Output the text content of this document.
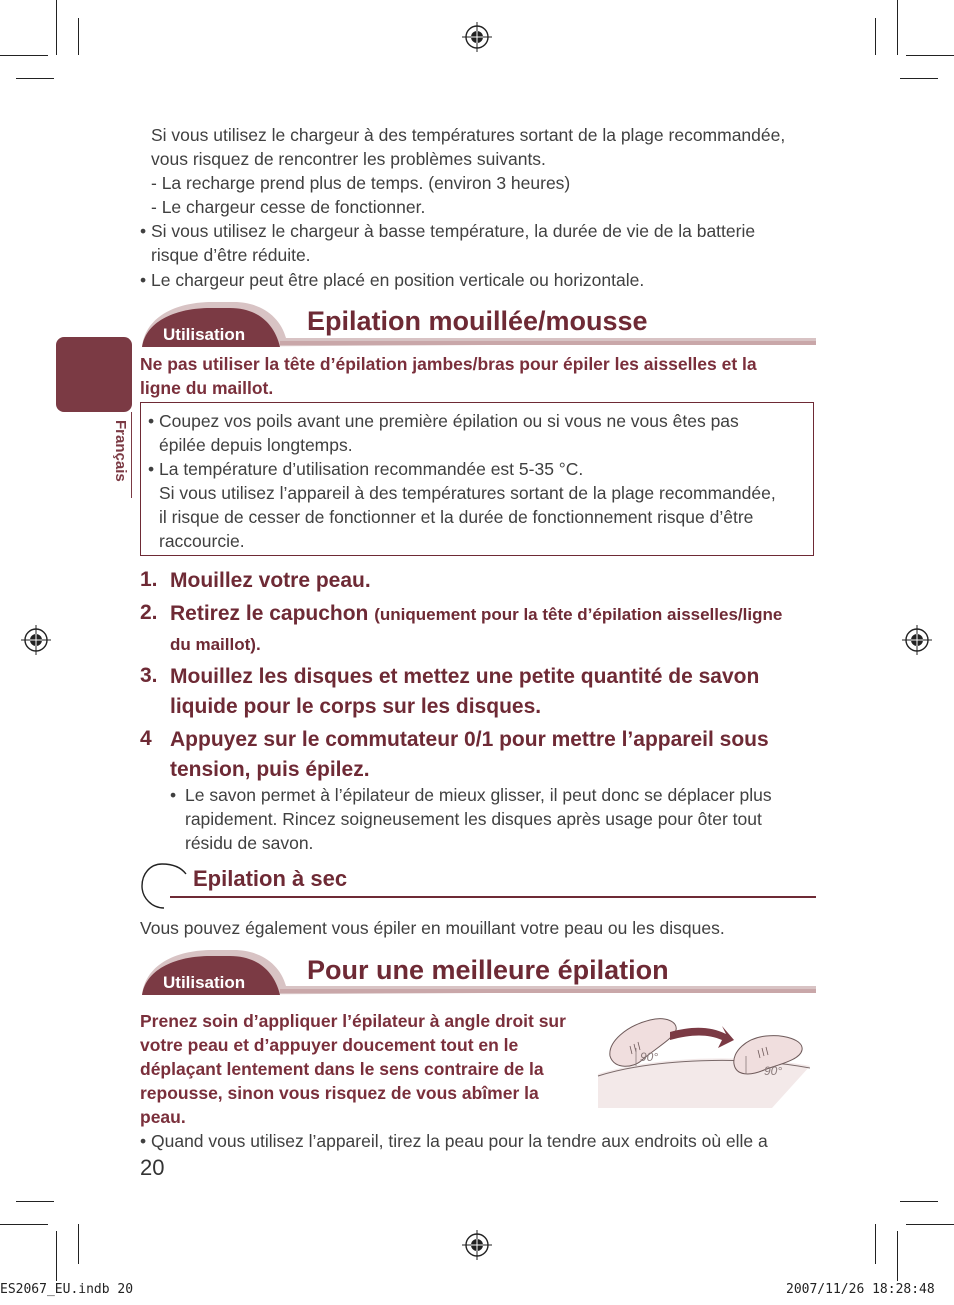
Français
Si vous utilisez le chargeur à des températures sortant de la plage recommandée,
vous risquez de rencontrer les problèmes suivants.
- La recharge prend plus de temps. (environ 3 heures)
- Le chargeur cesse de fonctionner.
• Si vous utilisez le chargeur à basse température, la durée de vie de la batterie
risque d’être réduite.
• Le chargeur peut être placé en position verticale ou horizontale.
Utilisation Epilation mouillée/mousse
Ne pas utiliser la tête d’épilation jambes/bras pour épiler les aisselles et la
ligne du maillot.
• Coupez vos poils avant une première épilation ou si vous ne vous êtes pas
épilée depuis longtemps.
• La température d’utilisation recommandée est 5-35 °C.
Si vous utilisez l’appareil à des températures sortant de la plage recommandée,
il risque de cesser de fonctionner et la durée de fonctionnement risque d’être
raccourcie.
1. Mouillez votre peau.
2. Retirez le capuchon (uniquement pour la tête d’épilation aisselles/ligne
du maillot).
3. Mouillez les disques et mettez une petite quantité de savon
liquide pour le corps sur les disques.
4 Appuyez sur le commutateur 0/1 pour mettre l’appareil sous
tension, puis épilez.
• Le savon permet à l’épilateur de mieux glisser, il peut donc se déplacer plus
rapidement. Rincez soigneusement les disques après usage pour ôter tout
résidu de savon.
Epilation à sec
Vous pouvez également vous épiler en mouillant votre peau ou les disques.
Utilisation Pour une meilleure épilation
Prenez soin d’appliquer l’épilateur à angle droit sur
votre peau et d’appuyer doucement tout en le
déplaçant lentement dans le sens contraire de la
repousse, sinon vous risquez de vous abîmer la
peau.
90°
90°
• Quand vous utilisez l’appareil, tirez la peau pour la tendre aux endroits où elle a
20
ES2067_EU.indb 20	2007/11/26 18:28:48
